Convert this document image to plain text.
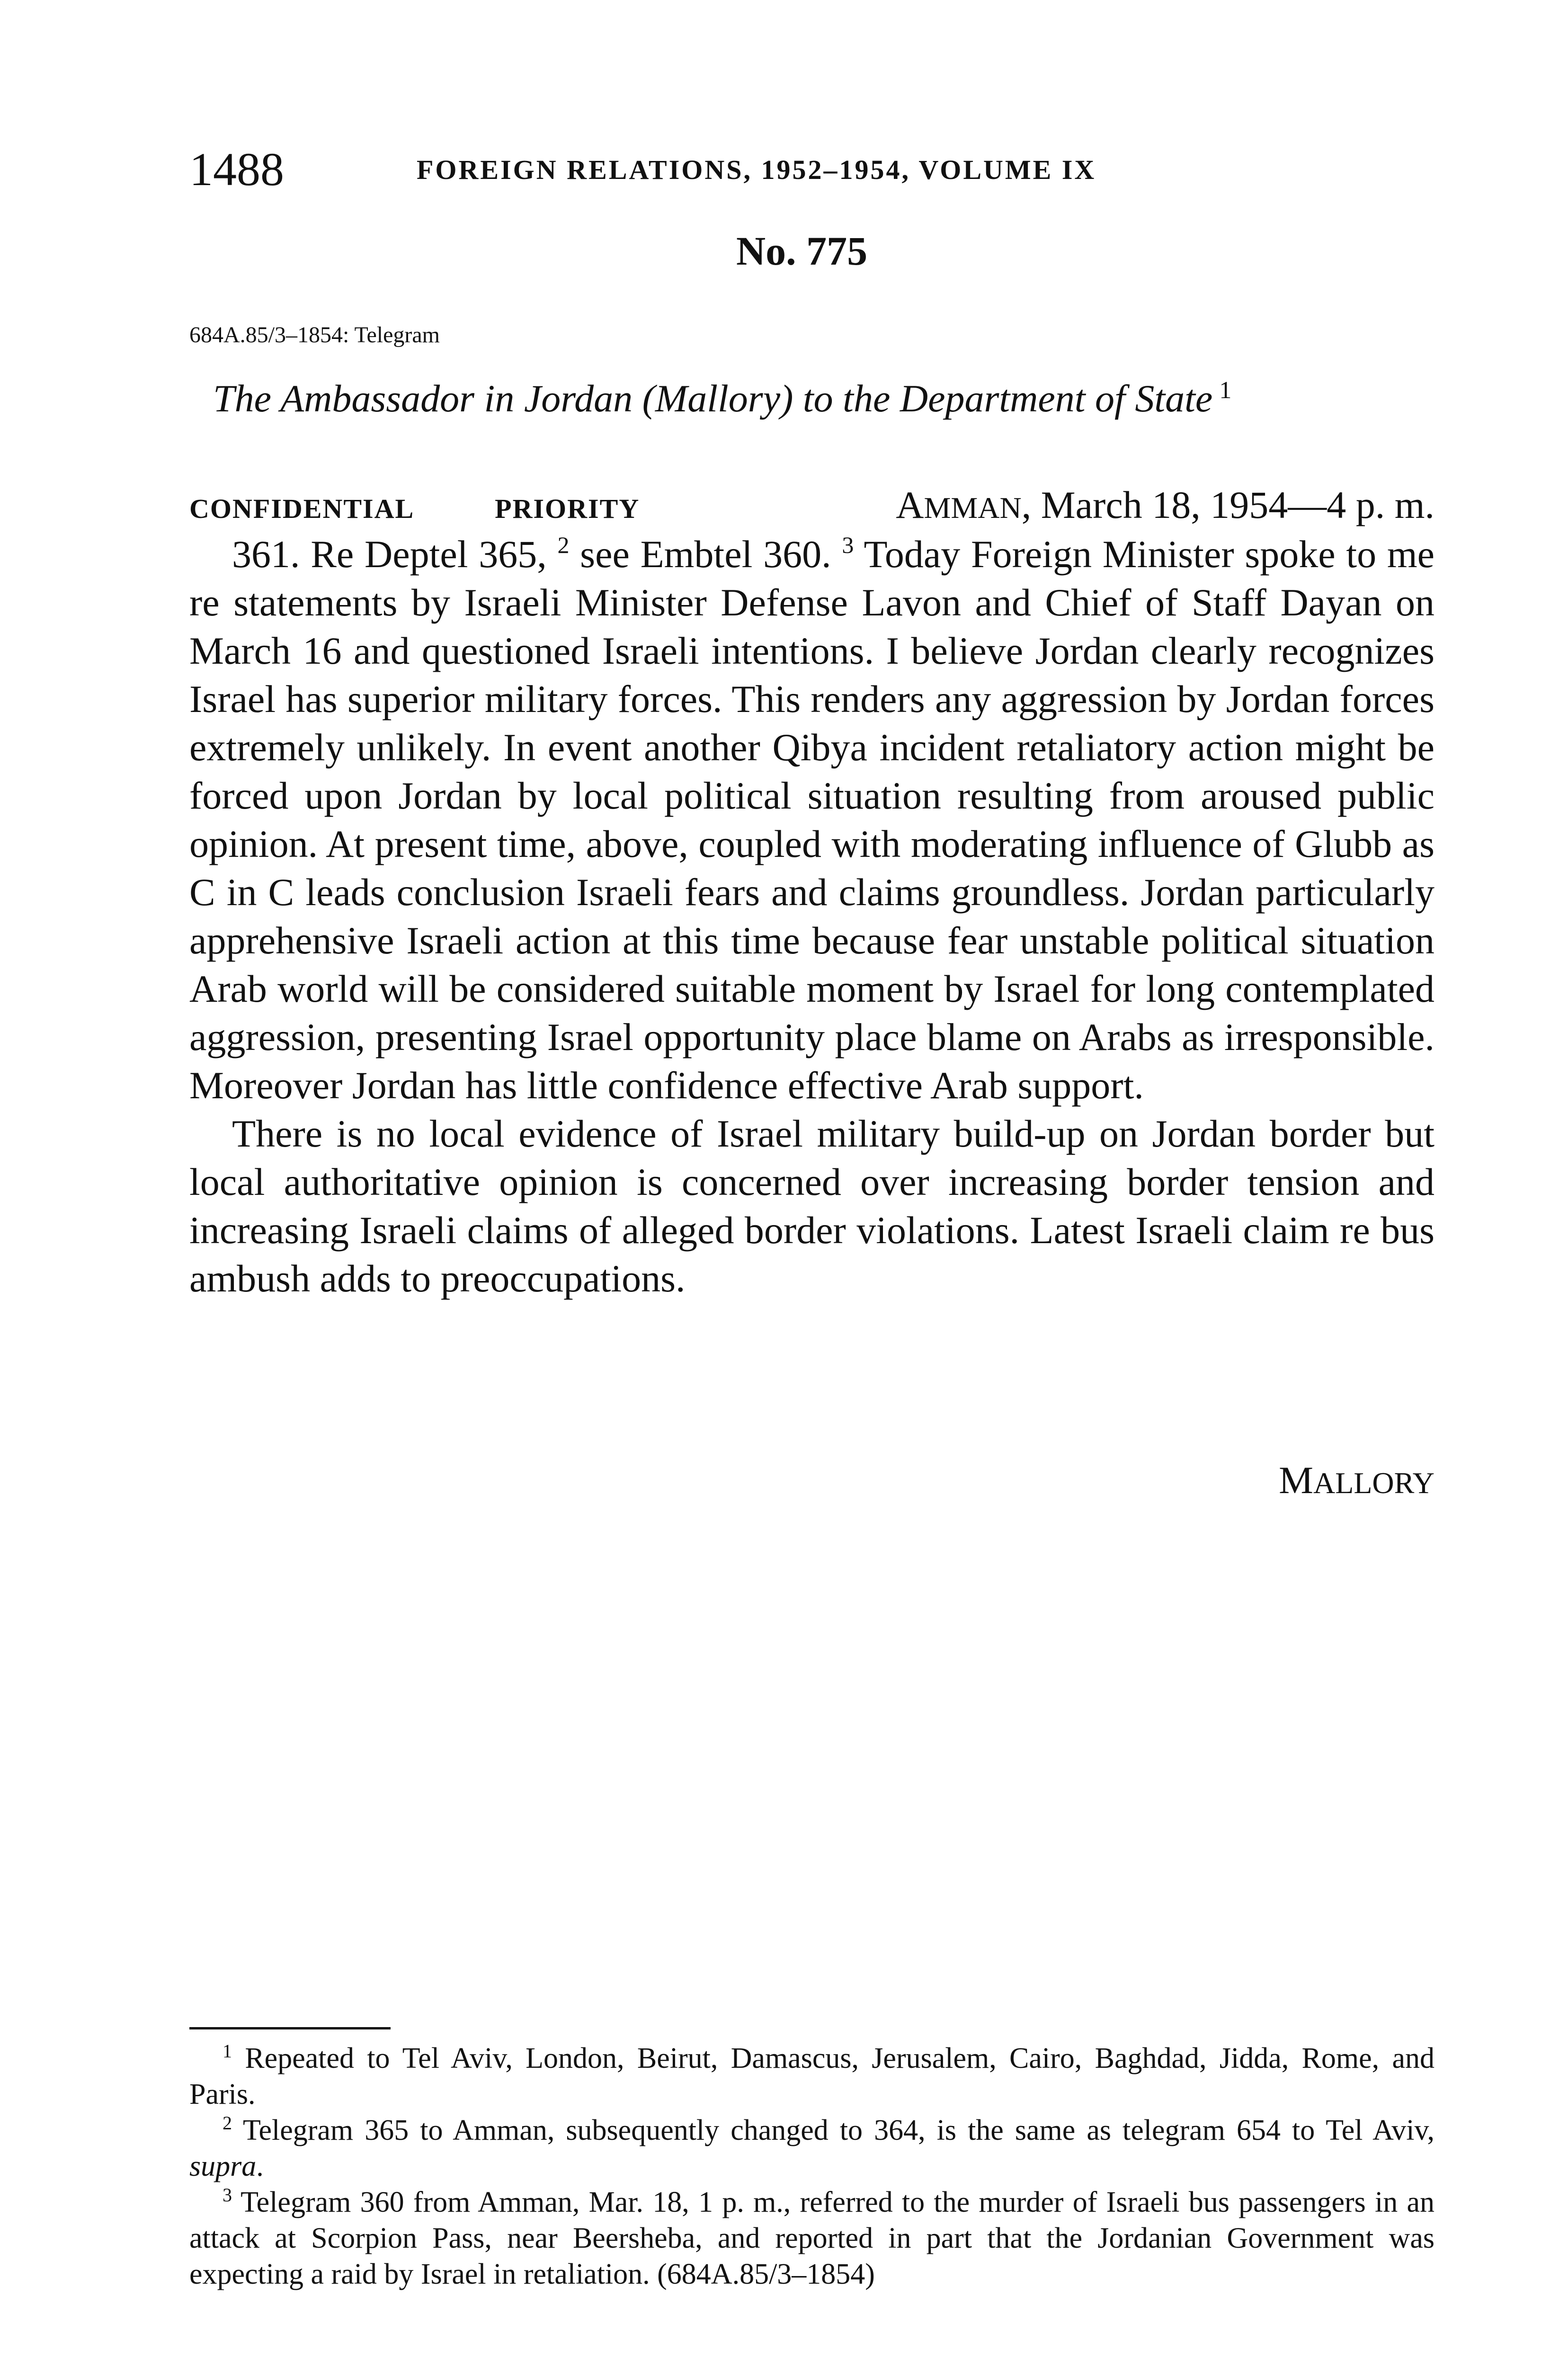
1488	FOREIGN RELATIONS, 1952–1954, VOLUME IX
No. 775
684A.85/3–1854: Telegram
The Ambassador in Jordan (Mallory) to the Department of State $^1$
CONFIDENTIAL	PRIORITY	AMMAN, March 18, 1954—4 p. m.

361. Re Deptel 365, $^2$ see Embtel 360. $^3$ Today Foreign Minister spoke to me re statements by Israeli Minister Defense Lavon and Chief of Staff Dayan on March 16 and questioned Israeli intentions. I believe Jordan clearly recognizes Israel has superior military forces. This renders any aggression by Jordan forces extremely unlikely. In event another Qibya incident retaliatory action might be forced upon Jordan by local political situation resulting from aroused public opinion. At present time, above, coupled with moderating influence of Glubb as C in C leads conclusion Israeli fears and claims groundless. Jordan particularly apprehensive Israeli action at this time because fear unstable political situation Arab world will be considered suitable moment by Israel for long contemplated aggression, presenting Israel opportunity place blame on Arabs as irresponsible. Moreover Jordan has little confidence effective Arab support.

There is no local evidence of Israel military build-up on Jordan border but local authoritative opinion is concerned over increasing border tension and increasing Israeli claims of alleged border violations. Latest Israeli claim re bus ambush adds to preoccupations.

MALLORY

$^1$ Repeated to Tel Aviv, London, Beirut, Damascus, Jerusalem, Cairo, Baghdad, Jidda, Rome, and Paris.

$^2$ Telegram 365 to Amman, subsequently changed to 364, is the same as telegram 654 to Tel Aviv, supra.

$^3$ Telegram 360 from Amman, Mar. 18, 1 p. m., referred to the murder of Israeli bus passengers in an attack at Scorpion Pass, near Beersheba, and reported in part that the Jordanian Government was expecting a raid by Israel in retaliation. (684A.85/3–1854)
